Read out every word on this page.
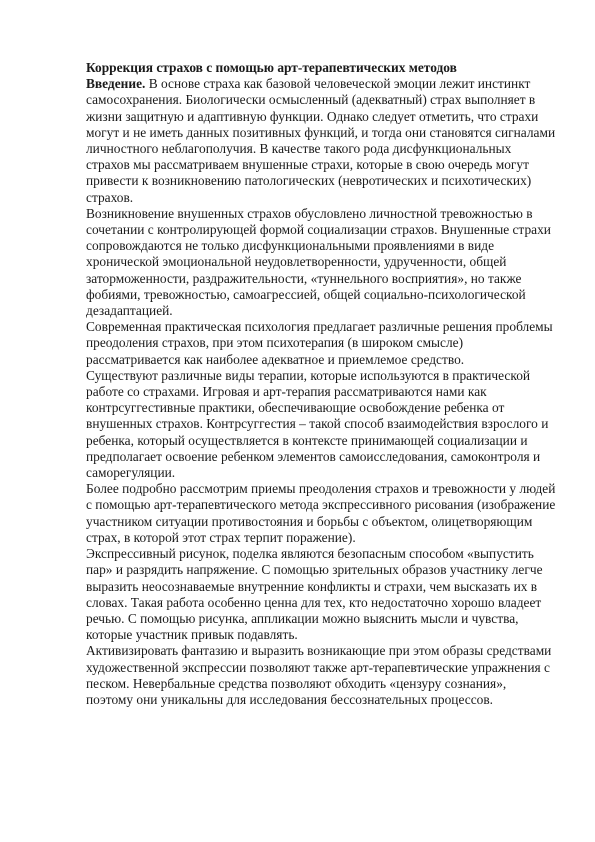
Коррекция страхов с помощью арт-терапевтических методов

Введение. В основе страха как базовой человеческой эмоции лежит инстинкт самосохранения. Биологически осмысленный (адекватный) страх выполняет в жизни защитную и адаптивную функции. Однако следует отметить, что страхи могут и не иметь данных позитивных функций, и тогда они становятся сигналами личностного неблагополучия. В качестве такого рода дисфункциональных страхов мы рассматриваем внушенные страхи, которые в свою очередь могут привести к возникновению патологических (невротических и психотических) страхов.

Возникновение внушенных страхов обусловлено личностной тревожностью в сочетании с контролирующей формой социализации страхов. Внушенные страхи сопровождаются не только дисфункциональными проявлениями в виде хронической эмоциональной неудовлетворенности, удрученности, общей заторможенности, раздражительности, «туннельного восприятия», но также фобиями, тревожностью, самоагрессией, общей социально-психологической дезадаптацией.

Современная практическая психология предлагает различные решения проблемы преодоления страхов, при этом психотерапия (в широком смысле) рассматривается как наиболее адекватное и приемлемое средство.

Существуют различные виды терапии, которые используются в практической работе со страхами. Игровая и арт-терапия рассматриваются нами как контрсуггестивные практики, обеспечивающие освобождение ребенка от внушенных страхов. Контрсуггестия – такой способ взаимодействия взрослого и ребенка, который осуществляется в контексте принимающей социализации и предполагает освоение ребенком элементов самоисследования, самоконтроля и саморегуляции.

Более подробно рассмотрим приемы преодоления страхов и тревожности у людей с помощью арт-терапевтического метода экспрессивного рисования (изображение участником ситуации противостояния и борьбы с объектом, олицетворяющим страх, в которой этот страх терпит поражение).

Экспрессивный рисунок, поделка являются безопасным способом «выпустить пар» и разрядить напряжение. С помощью зрительных образов участнику легче выразить неосознаваемые внутренние конфликты и страхи, чем высказать их в словах. Такая работа особенно ценна для тех, кто недостаточно хорошо владеет речью. С помощью рисунка, аппликации можно выяснить мысли и чувства, которые участник привык подавлять.

Активизировать фантазию и выразить возникающие при этом образы средствами художественной экспрессии позволяют также арт-терапевтические упражнения с песком. Невербальные средства позволяют обходить «цензуру сознания», поэтому они уникальны для исследования бессознательных процессов.
